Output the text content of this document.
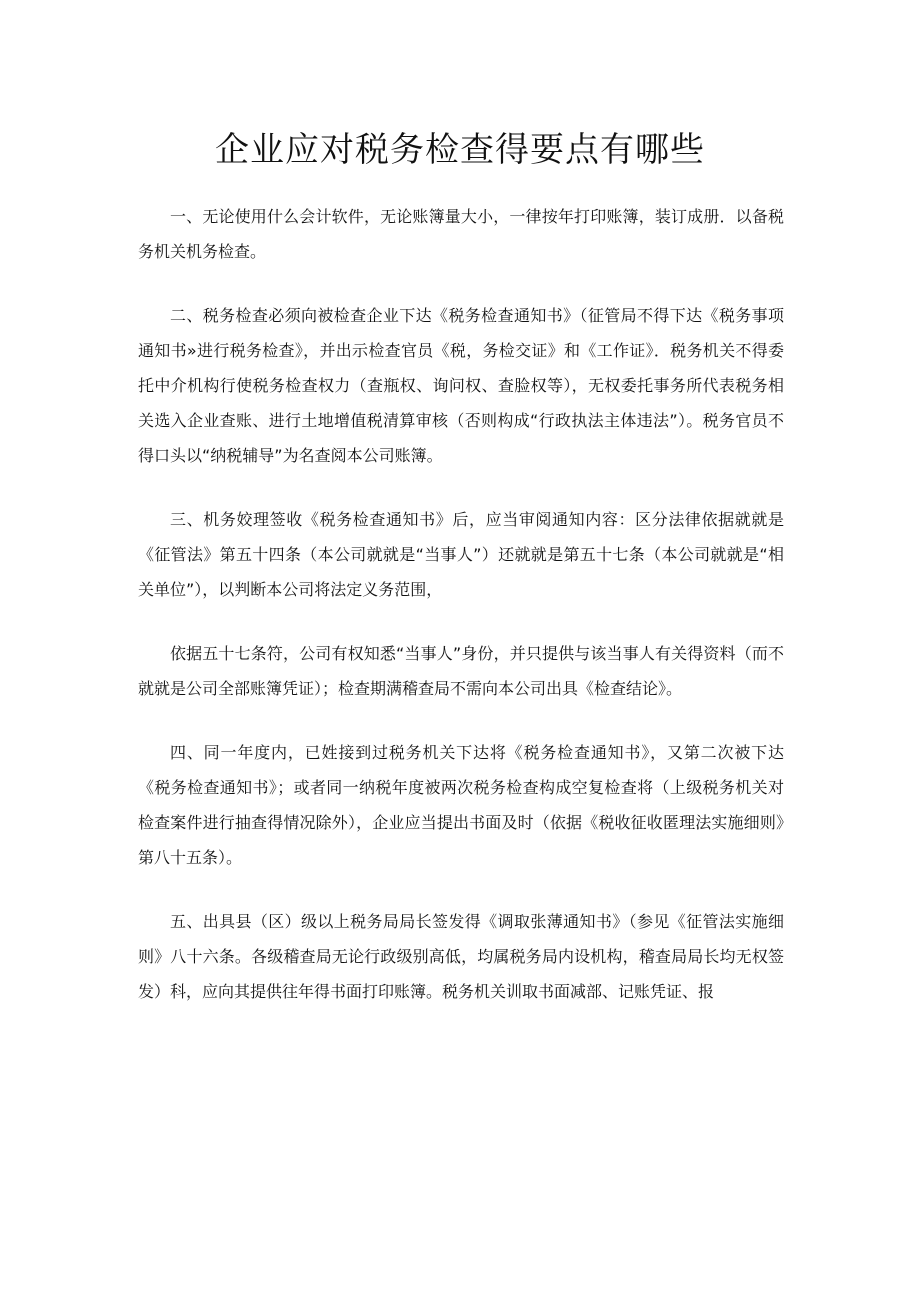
企业应对税务检查得要点有哪些

一、无论使用什么会计软件，无论账簿量大小，一律按年打印账簿，装订成册．以备税务机关机务检查。

二、税务检查必须向被检查企业下达《税务检查通知书》（征管局不得下达《税务事项通知书»进行税务检查》，并出示检查官员《税，务检交证》和《工作证》．税务机关不得委托中介机构行使税务检查权力（查瓶权、询问权、查脸权等），无权委托事务所代表税务相关选入企业查账、进行土地增值税清算审核（否则构成“行政执法主体违法”）。税务官员不得口头以“纳税辅导”为名查阅本公司账簿。

三、机务姣理签收《税务检查通知书》后，应当审阅通知内容：区分法律依据就就是《征管法》第五十四条（本公司就就是“当事人”）还就就是第五十七条（本公司就就是“相关单位”），以判断本公司将法定义务范围，

依据五十七条符，公司有权知悉“当事人”身份，并只提供与该当事人有关得资料（而不就就是公司全部账簿凭证）；检查期满稽查局不需向本公司出具《检查结论》。

四、同一年度内，已姓接到过税务机关下达将《税务检查通知书》，又第二次被下达《税务检查通知书》；或者同一纳税年度被两次税务检查构成空复检查将（上级税务机关对检查案件进行抽查得情况除外），企业应当提出书面及时（依据《税收征收匿理法实施细则》第八十五条）。

五、出具县（区）级以上税务局局长签发得《调取张薄通知书》（参见《征管法实施细则》八十六条。各级稽查局无论行政级别高低，均属税务局内设机构，稽查局局长均无权签发）科，应向其提供往年得书面打印账簿。税务机关训取书面减部、记账凭证、报
